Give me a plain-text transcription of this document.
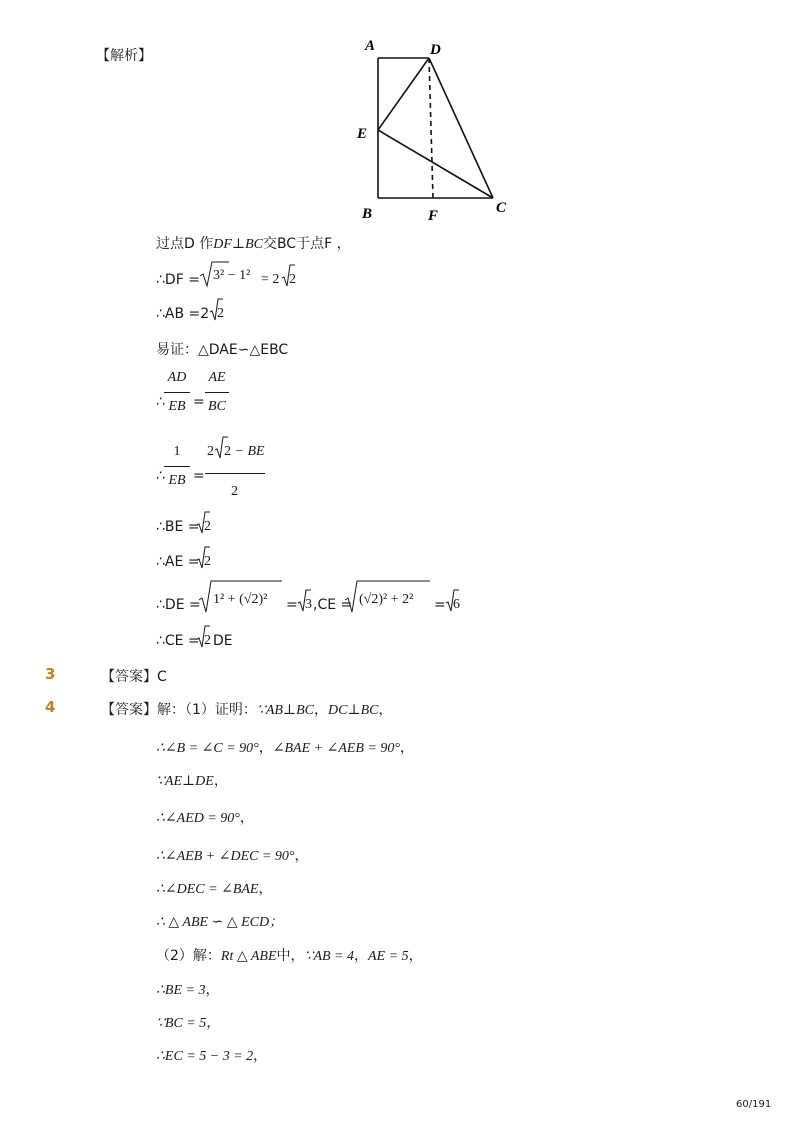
【解析】
A	D
E
B	F	C
过点D 作DF⊥BC交BC于点F ，
∴DF = 3² − 1² = 2 2
∴AB =2 2
易证：△DAE∽△EBC
∴
AD
EB =
AE
BC
∴
1
EB =
2 2 − BE
2
∴BE = 2
∴AE = 2
∴DE = 1² + (√2)² = 3 ,CE = (√2)² + 2² = 6
∴CE = 2 DE
3	【答案】C
4	【答案】解：（1）证明：∵AB⊥BC，DC⊥BC，
∴∠B = ∠C = 90°，∠BAE + ∠AEB = 90°，
∵AE⊥DE，
∴∠AED = 90°，
∴∠AEB + ∠DEC = 90°，
∴∠DEC = ∠BAE，
∴ △ ABE ∽ △ ECD；
（2）解：Rt △ ABE中，∵AB = 4，AE = 5，
∴BE = 3，
∵BC = 5，
∴EC = 5 − 3 = 2，
60/191
